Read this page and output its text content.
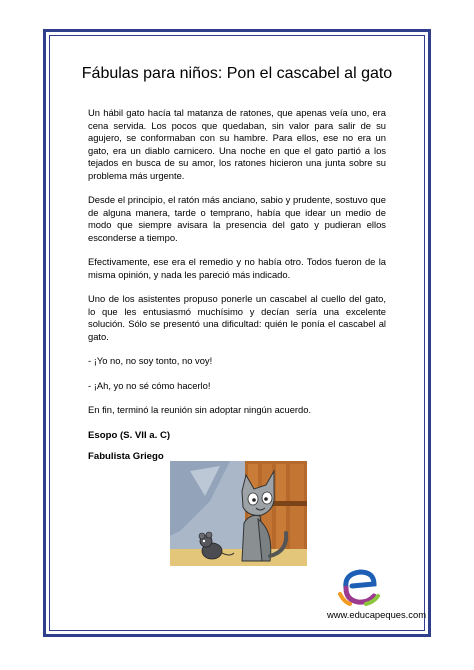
Fábulas para niños: Pon el cascabel al gato

Un hábil gato hacía tal matanza de ratones, que apenas veía uno, era cena servida. Los pocos que quedaban, sin valor para salir de su agujero, se conformaban con su hambre. Para ellos, ese no era un gato, era un diablo carnicero. Una noche en que el gato partió a los tejados en busca de su amor, los ratones hicieron una junta sobre su problema más urgente.

Desde el principio, el ratón más anciano, sabio y prudente, sostuvo que de alguna manera, tarde o temprano, había que idear un medio de modo que siempre avisara la presencia del gato y pudieran ellos esconderse a tiempo.

Efectivamente, ese era el remedio y no había otro. Todos fueron de la misma opinión, y nada les pareció más indicado.

Uno de los asistentes propuso ponerle un cascabel al cuello del gato, lo que les entusiasmó muchísimo y decían sería una excelente solución. Sólo se presentó una dificultad: quién le ponía el cascabel al gato.

- ¡Yo no, no soy tonto, no voy!

- ¡Ah, yo no sé cómo hacerlo!

En fin, terminó la reunión sin adoptar ningún acuerdo.

Esopo (S. VII a. C)

Fabulista Griego

www.educapeques.com
